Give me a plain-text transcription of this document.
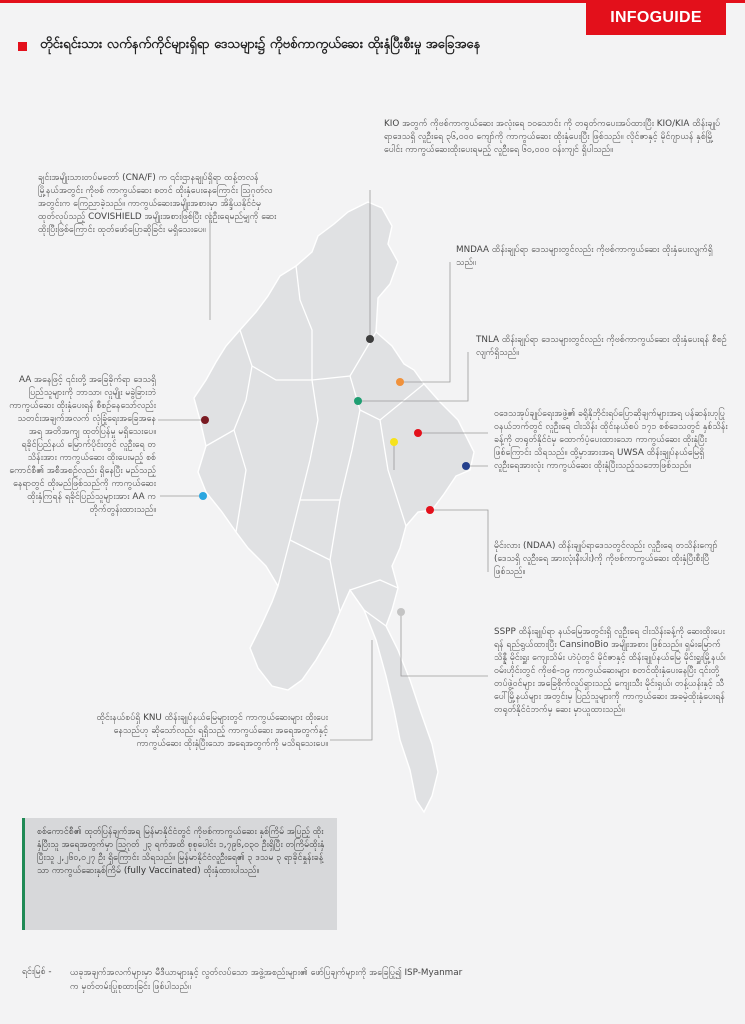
INFOGUIDE
တိုင်းရင်းသား လက်နက်ကိုင်များရှိရာ ဒေသများ၌ ကိုဗစ်ကာကွယ်ဆေး ထိုးနှံပြီးစီးမှု အခြေအနေ

KIO အတွက် ကိုဗစ်ကာကွယ်ဆေး အလုံးရေ ၁၀သောင်း ကို တရုတ်ကပေးအပ်ထားပြီး KIO/KIA ထိန်းချုပ်ရာဒေသရှိ လူဦးရေ ၃၆,၀၀၀ ကျော်ကို ကာကွယ်ဆေး ထိုးနှံပေးပြီး ဖြစ်သည်။ လိုင်ဇာနှင့် မိုင်ဂျာယန် နှစ်မြို့ပေါင်း ကာကွယ်ဆေးထိုးပေးရမည့် လူဦးရေ ၆၀,၀၀၀ ဝန်းကျင် ရှိပါသည်။

ချင်းအမျိုးသားတပ်မတော် (CNA/F) က ၎င်းဌာနချုပ်ရှိရာ ထန့်တလန်မြို့နယ်အတွင်း ကိုဗစ် ကာကွယ်ဆေး စတင် ထိုးနှံပေးနေကြောင်း ဩဂုတ်လအတွင်းက ကြေညာခဲ့သည်။ ကာကွယ်ဆေးအမျိုးအစားမှာ အိန္ဒိယနိုင်ငံမှ ထုတ်လုပ်သည့် COVISHIELD အမျိုးအစားဖြစ်ပြီး လူဦးရေမည်မျှကို ဆေးထိုးပြီးဖြစ်ကြောင်း ထုတ်ဖော်ပြောဆိုခြင်း မရှိသေးပေ။

MNDAA ထိန်းချုပ်ရာ ဒေသများတွင်လည်း ကိုဗစ်ကာကွယ်ဆေး ထိုးနှံပေးလျက်ရှိသည်။

TNLA ထိန်းချုပ်ရာ ဒေသများတွင်လည်း ကိုဗစ်ကာကွယ်ဆေး ထိုးနှံပေးရန် စီစဉ်လျက်ရှိသည်။

AA အနေဖြင့် ၎င်းတို့ အခြေခိုက်ရာ ဒေသရှိ ပြည်သူများကို ဘာသာ၊ လူမျိုး မခွဲခြားဘဲ ကာကွယ်ဆေး ထိုးနှံပေးရန် စီစဉ်နေသော်လည်း သတင်းအချက်အလက် လုံခြုံရေးအခြေအနေအရ အတိအကျ ထုတ်ပြန်မှု မရှိသေးပေ။ ရခိုင်ပြည်နယ် မြောက်ပိုင်းတွင် လူဦးရေ တသိန်းအား ကာကွယ်ဆေး ထိုးပေးမည့် စစ်ကောင်စီ၏ အစီအစဉ်လည်း ရှိနေပြီး မည်သည့်နေရာတွင် ထိုးမည်ဖြစ်သည်ကို ကာကွယ်ဆေး ထိုးနှံကြရန် ရခိုင်ပြည်သူများအား AA က တိုက်တွန်းထားသည်။

ဝဒေသအုပ်ချုပ်ရေးအဖွဲ့၏ ခရိုနိုဘိုင်းရပ်ပြောဆိုချက်များအရ ပန်ဆန်းဟုပြု ဝနယ်ဘက်တွင် လူဦးရေ ငါးသိန်း ထိုင်းနယ်စပ် ၁၇၁ စစ်ဒေသတွင် နှစ်သိန်းခန့်ကို တရုတ်နိုင်ငံမှ ထောက်ပံ့ပေးထားသော ကာကွယ်ဆေး ထိုးနှံပြီးဖြစ်ကြောင်း သိရသည်။ ထို့မှာအားအရ UWSA ထိန်းချုပ်နယ်မြေရှိ လူဦးရေအားလုံး ကာကွယ်ဆေး ထိုးနှံပြီးသည့်သဘောဖြစ်သည်။

မိုင်းလား (NDAA) ထိန်းချုပ်ရာဒေသတွင်လည်း လူဦးရေ တသိန်းကျော် (ဒေသရှိ လူဦးရေ အားလုံးနီးပါး)ကို ကိုဗစ်ကာကွယ်ဆေး ထိုးနှံပြီးစီးပြီ ဖြစ်သည်။

SSPP ထိန်းချုပ်ရာ နယ်မြေအတွင်းရှိ လူဦးရေ ငါးသိန်းခန့်ကို ဆေးထိုးပေးရန် ရည်ရွယ်ထားပြီး CansinoBio အမျိုးအစား ဖြစ်သည်။ ရှမ်းမြောက် သိန္နီ မိုင်းရှူး ကျေးသိမ်း ဟဲပုံတွင် မိုင်ဇာနှင့် ထိန်းချုပ်နယ်မြေ မိုင်းရှူးမြို့နယ်၊ ဝမ်းဟိုင်းတွင် ကိုဗစ်-၁၉ ကာကွယ်ဆေးများ စတင်ထိုးနှံပေးနေပြီး ၎င်းတို့တပ်ဖွဲ့ဝင်များ အခြေစိုက်လှုပ်ရှားသည့် ကျေးသီး မိုင်းရှယ်၊ တန့်ယန်းနှင့် သီပေါ်မြို့နယ်များ အတွင်းမှ ပြည်သူများကို ကာကွယ်ဆေး အခမဲ့ထိုးနှံပေးရန် တရုတ်နိုင်ငံဘက်မှ ဆေး မှာယူထားသည်။

ထိုင်းနယ်စပ်ရှိ KNU ထိန်းချုပ်နယ်မြေများတွင် ကာကွယ်ဆေးများ ထိုးပေးနေသည်ဟု ဆိုသော်လည်း ရရှိသည့် ကာကွယ်ဆေး အရေအတွက်နှင့် ကာကွယ်ဆေး ထိုးနှံပြီးသော အရေအတွက်ကို မသိရသေးပေ။

စစ်ကောင်စီ၏ ထုတ်ပြန်ချက်အရ မြန်မာနိုင်ငံတွင် ကိုဗစ်ကာကွယ်ဆေး နှစ်ကြိမ် အပြည့် ထိုးနှံပြီးသူ အရေအတွက်မှာ ဩဂုတ် ၂၃ ရက်အထိ စုစုပေါင်း ၁,၇၉၆,၀၃၀ ဦးရှိပြီး တကြိမ်ထိုးနှံပြီးသူ ၂,၂၆၀,၀၂၇ ဦး ရှိကြောင်း သိရသည်။ မြန်မာနိုင်ငံလူဦးရေ၏ ၃ ဒသမ ၃ ရာခိုင်နှုန်းခန့်သာ ကာကွယ်ဆေးနှစ်ကြိမ် (fully Vaccinated) ထိုးနှံထားပါသည်။

ရင်းမြစ် - ယခုအချက်အလက်များမှာ မီဒီယာများနှင့် လွတ်လပ်သော အဖွဲ့အစည်းများ၏ ဖော်ပြချက်များကို အခြေပြု၍ ISP-Myanmar က မှတ်တမ်းပြုစုထားခြင်း ဖြစ်ပါသည်။
